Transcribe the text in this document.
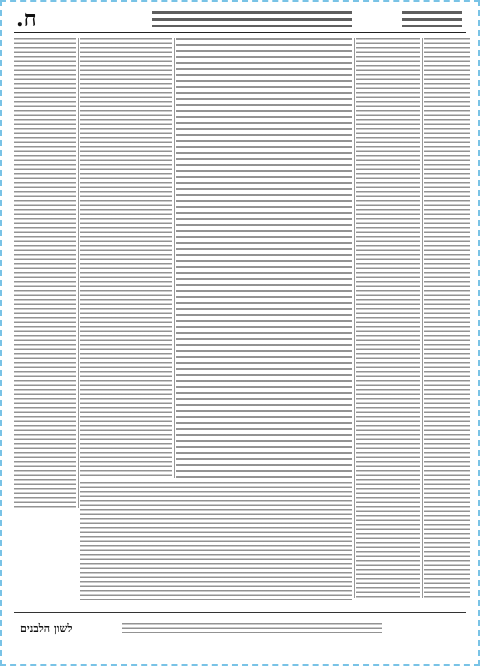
ח.
לשון הלבנים
